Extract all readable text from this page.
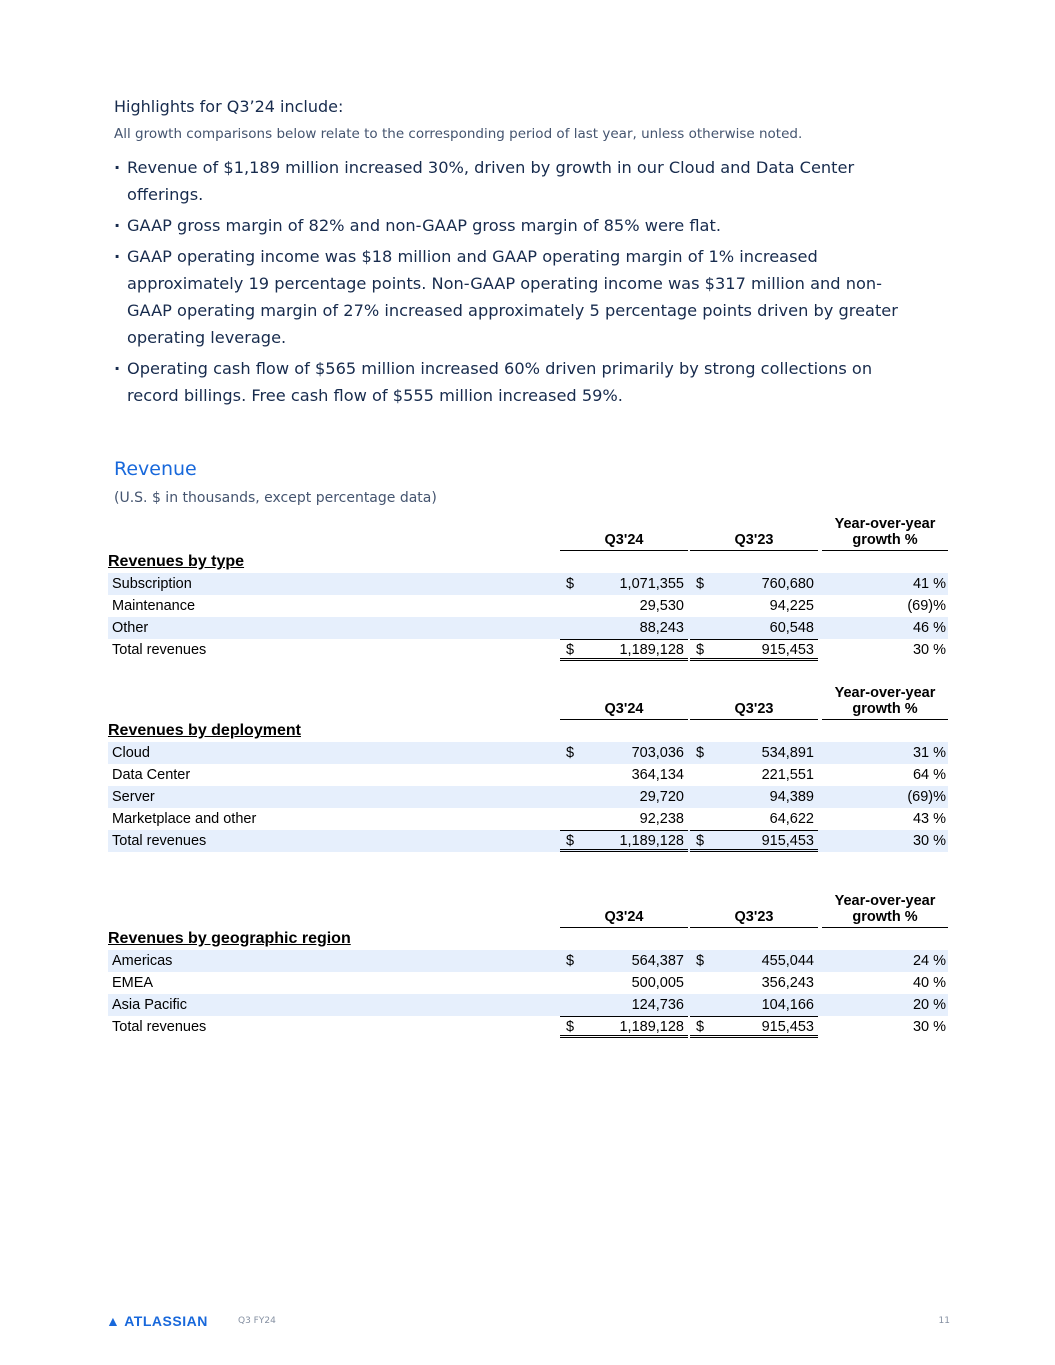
Highlights for Q3’24 include:
All growth comparisons below relate to the corresponding period of last year, unless otherwise noted.
· Revenue of $1,189 million increased 30%, driven by growth in our Cloud and Data Center offerings.
· GAAP gross margin of 82% and non-GAAP gross margin of 85% were flat.
· GAAP operating income was $18 million and GAAP operating margin of 1% increased approximately 19 percentage points. Non-GAAP operating income was $317 million and non-GAAP operating margin of 27% increased approximately 5 percentage points driven by greater operating leverage.
· Operating cash flow of $565 million increased 60% driven primarily by strong collections on record billings. Free cash flow of $555 million increased 59%.
Revenue
(U.S. $ in thousands, except percentage data)
Q3'24	Q3'23
Year-over-year
growth %
Revenues by type
Subscription	$	1,071,355 $	760,680	41 %
Maintenance	29,530	94,225	(69)%
Other	88,243	60,548	46 %
Total revenues	$	1,189,128 $	915,453	30 %
Q3'24	Q3'23
Year-over-year
growth %
Revenues by deployment
Cloud	$	703,036 $	534,891	31 %
Data Center	364,134	221,551	64 %
Server	29,720	94,389	(69)%
Marketplace and other	92,238	64,622	43 %
Total revenues	$	1,189,128 $	915,453	30 %
Q3'24	Q3'23
Year-over-year
growth %
Revenues by geographic region
Americas	$	564,387 $	455,044	24 %
EMEA	500,005	356,243	40 %
Asia Pacific	124,736	104,166	20 %
Total revenues	$	1,189,128 $	915,453	30 %
▲ ATLASSIAN	Q3 FY24	11
